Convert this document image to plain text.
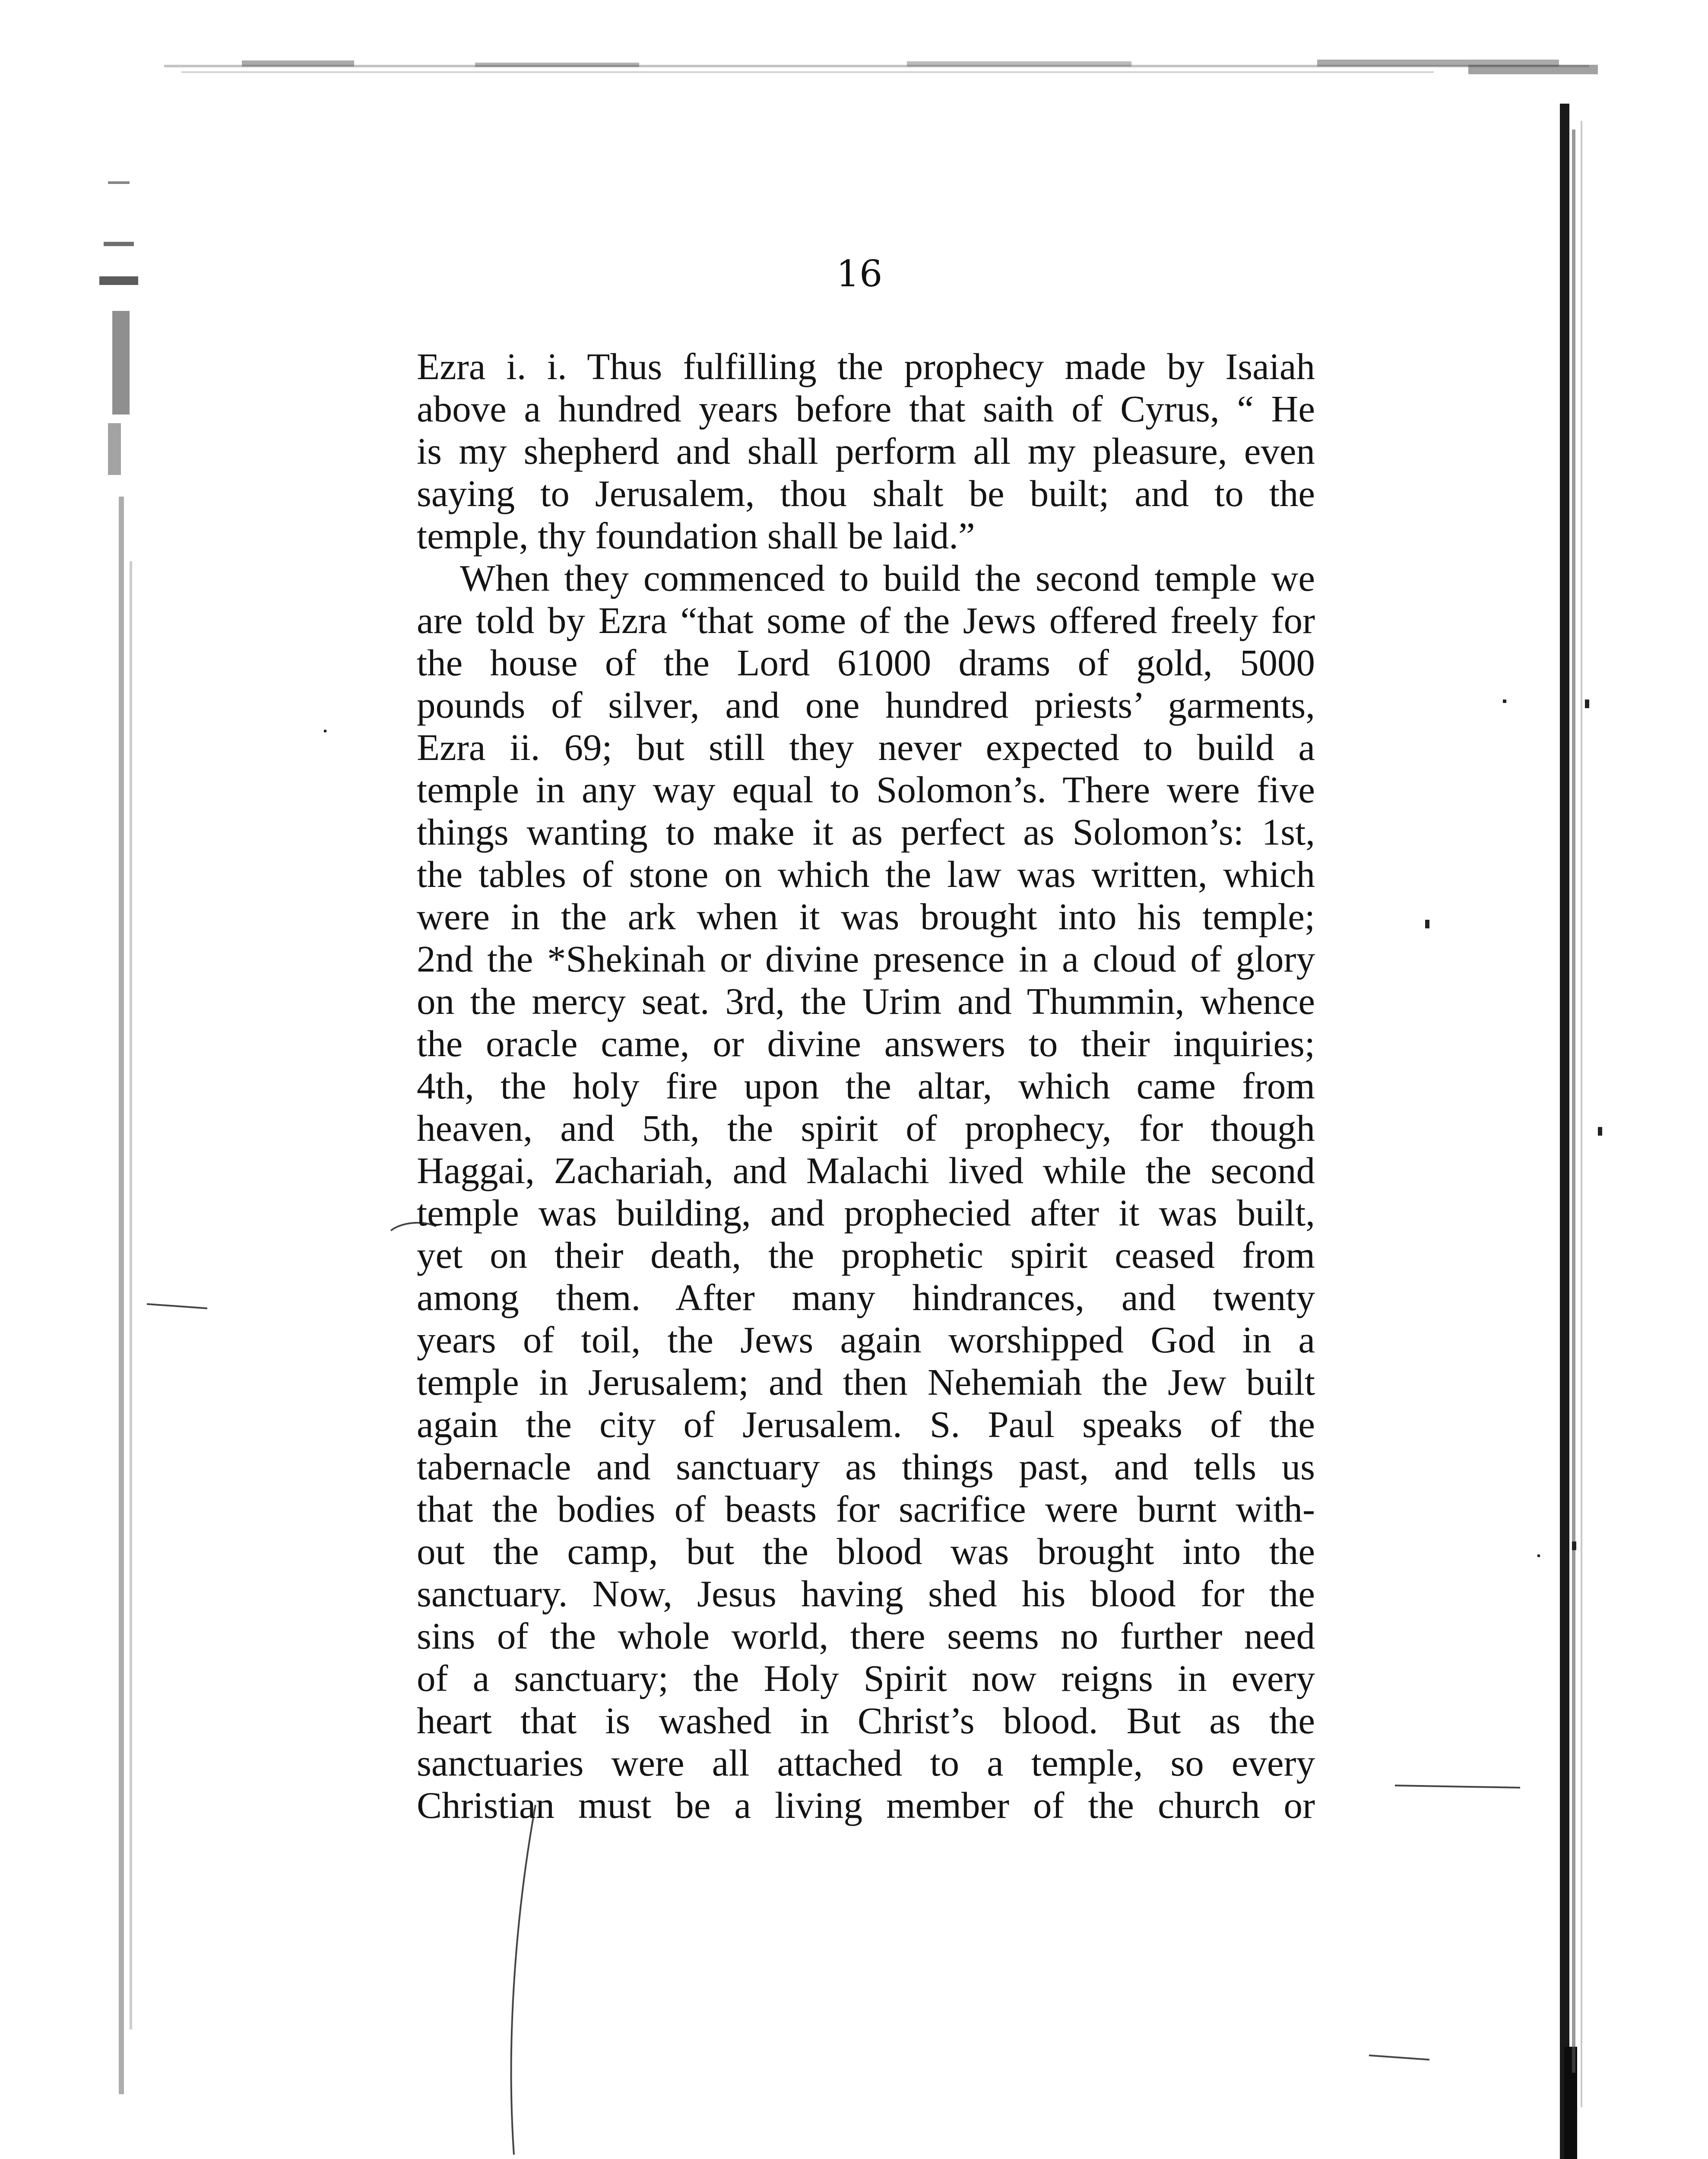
16
Ezra i. i. Thus fulfilling the prophecy made by Isaiah
above a hundred years before that saith of Cyrus, “ He
is my shepherd and shall perform all my pleasure, even
saying to Jerusalem, thou shalt be built; and to the
temple, thy foundation shall be laid.”
When they commenced to build the second temple we
are told by Ezra “that some of the Jews offered freely for
the house of the Lord 61000 drams of gold, 5000
pounds of silver, and one hundred priests’ garments,
Ezra ii. 69; but still they never expected to build a
temple in any way equal to Solomon’s. There were five
things wanting to make it as perfect as Solomon’s: 1st,
the tables of stone on which the law was written, which
were in the ark when it was brought into his temple;
2nd the *Shekinah or divine presence in a cloud of glory
on the mercy seat. 3rd, the Urim and Thummin, whence
the oracle came, or divine answers to their inquiries;
4th, the holy fire upon the altar, which came from
heaven, and 5th, the spirit of prophecy, for though
Haggai, Zachariah, and Malachi lived while the second
temple was building, and prophecied after it was built,
yet on their death, the prophetic spirit ceased from
among them. After many hindrances, and twenty
years of toil, the Jews again worshipped God in a
temple in Jerusalem; and then Nehemiah the Jew built
again the city of Jerusalem. S. Paul speaks of the
tabernacle and sanctuary as things past, and tells us
that the bodies of beasts for sacrifice were burnt with-
out the camp, but the blood was brought into the
sanctuary. Now, Jesus having shed his blood for the
sins of the whole world, there seems no further need
of a sanctuary; the Holy Spirit now reigns in every
heart that is washed in Christ’s blood. But as the
sanctuaries were all attached to a temple, so every
Christian must be a living member of the church or
